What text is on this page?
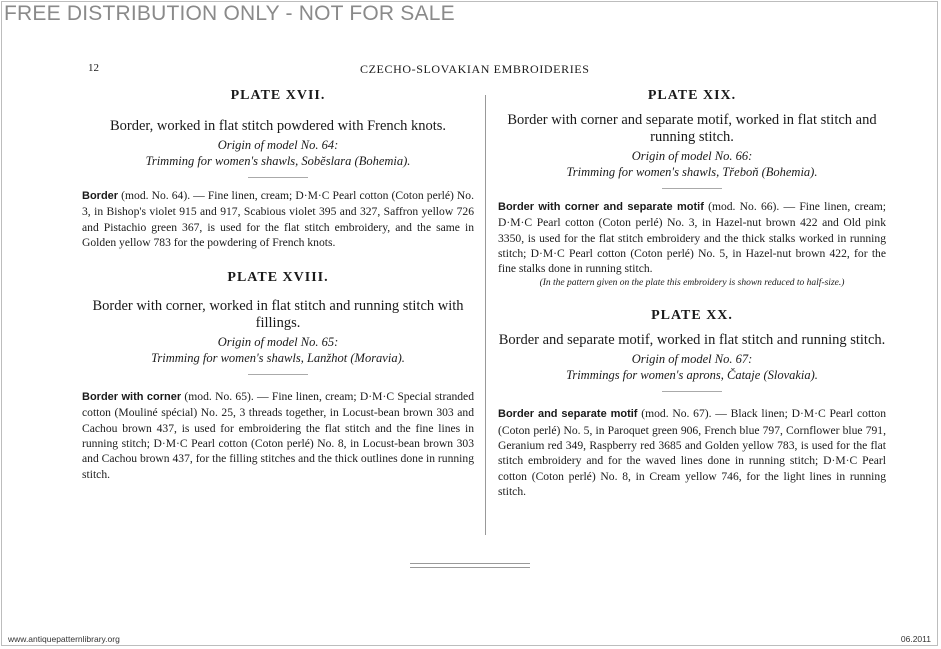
FREE DISTRIBUTION ONLY - NOT FOR SALE
12	CZECHO-SLOVAKIAN EMBROIDERIES

PLATE XVII.

Border, worked in flat stitch powdered with French knots.

Origin of model No. 64:

Trimming for women's shawls, Sobĕslara (Bohemia).

Border (mod. No. 64). — Fine linen, cream; D·M·C Pearl cotton (Coton perlé) No. 3, in Bishop's violet 915 and 917, Scabious violet 395 and 327, Saffron yellow 726 and Pistachio green 367, is used for the flat stitch embroidery, and the same in Golden yellow 783 for the powdering of French knots.

PLATE XVIII.

Border with corner, worked in flat stitch and running stitch with fillings.

Origin of model No. 65:

Trimming for women's shawls, Lanžhot (Moravia).

Border with corner (mod. No. 65). — Fine linen, cream; D·M·C Special stranded cotton (Mouliné spécial) No. 25, 3 threads together, in Locust-bean brown 303 and Cachou brown 437, is used for embroidering the flat stitch and the fine lines in running stitch; D·M·C Pearl cotton (Coton perlé) No. 8, in Locust-bean brown 303 and Cachou brown 437, for the filling stitches and the thick outlines done in running stitch.

PLATE XIX.

Border with corner and separate motif, worked in flat stitch and running stitch.

Origin of model No. 66:

Trimming for women's shawls, Třeboň (Bohemia).

Border with corner and separate motif (mod. No. 66). — Fine linen, cream; D·M·C Pearl cotton (Coton perlé) No. 3, in Hazel-nut brown 422 and Old pink 3350, is used for the flat stitch embroidery and the thick stalks worked in running stitch; D·M·C Pearl cotton (Coton perlé) No. 5, in Hazel-nut brown 422, for the fine stalks done in running stitch.

(In the pattern given on the plate this embroidery is shown reduced to half-size.)

PLATE XX.

Border and separate motif, worked in flat stitch and running stitch.

Origin of model No. 67:

Trimmings for women's aprons, Čataje (Slovakia).

Border and separate motif (mod. No. 67). — Black linen; D·M·C Pearl cotton (Coton perlé) No. 5, in Paroquet green 906, French blue 797, Cornflower blue 791, Geranium red 349, Raspberry red 3685 and Golden yellow 783, is used for the flat stitch embroidery and for the waved lines done in running stitch; D·M·C Pearl cotton (Coton perlé) No. 8, in Cream yellow 746, for the light lines in running stitch.

www.antiquepatternlibrary.org	06.2011
